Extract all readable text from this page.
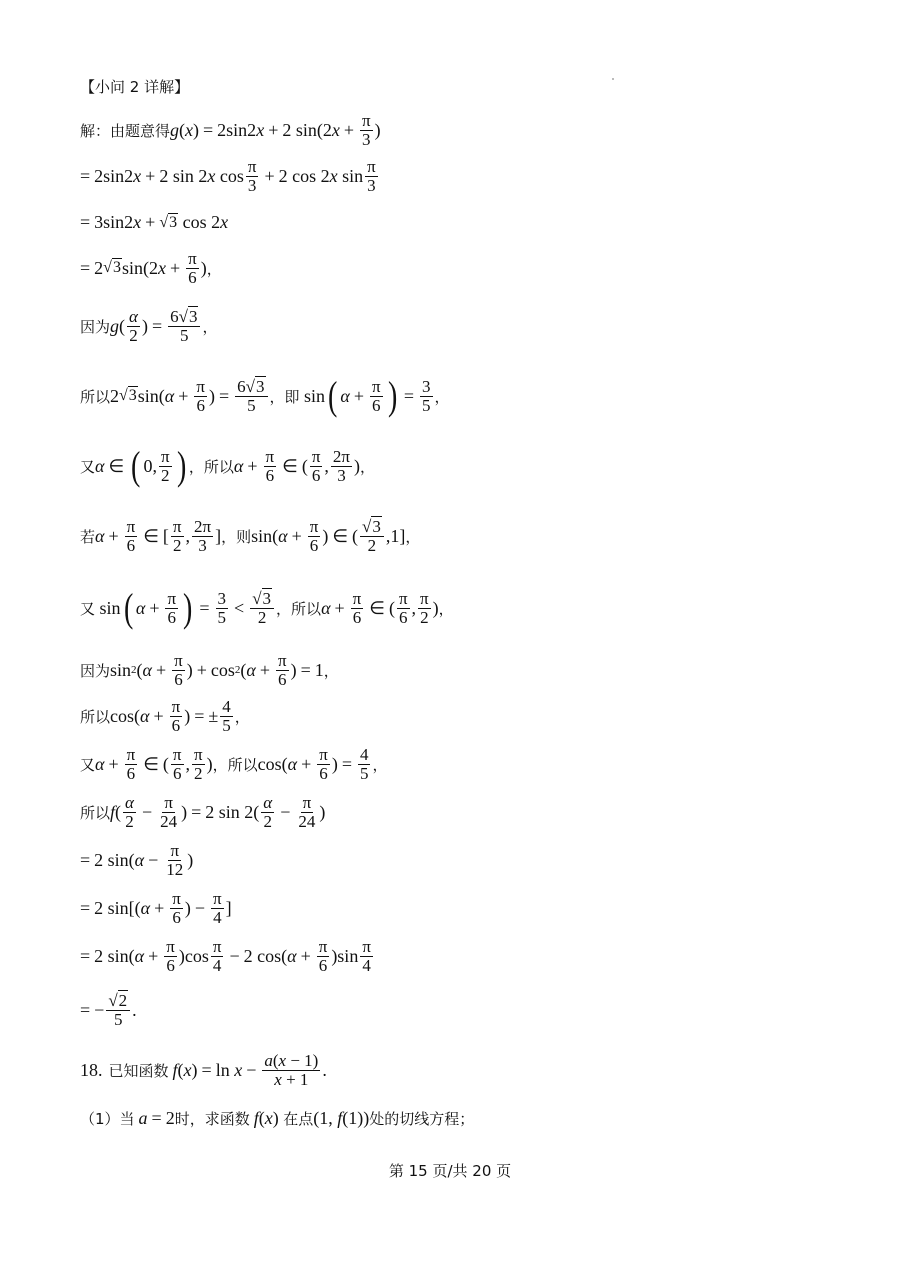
【小问 2 详解】
解：由题意得 g ( x ) = 2sin2 x + 2 sin(2 $x + \frac{\pi}{3}$ )
= 2sin2 x + 2 sin 2 x $\cos \frac{\pi}{3} + 2$ cos 2 x $\sin \frac{\pi}{3}$
= 3sin2 x + √3 cos 2 x
= 2 √3 sin(2 $x + \frac{\pi}{6}$ ) ，
因为 g ( $\frac{\alpha}{2}$ ) = $\frac{6√3}{5}$ ，
所以 2 √3 sin( $\alpha + \frac{\pi}{6}$ ) = $\frac{6√3}{5}$ ，即 sin ( $\alpha + \frac{\pi}{6}$ ) = $\frac{3}{5}$ ，
又 α ∈ ( 0, $\frac{\pi}{2}$ ) ，所以 $\alpha + \frac{\pi}{6}$ ∈ ( $\frac{\pi}{6}$ , $\frac{2\pi}{3}$ ) ，
若 $\alpha + \frac{\pi}{6}$ ∈ [ $\frac{\pi}{2}$ , $\frac{2\pi}{3}$ ] ，则 sin( $\alpha + \frac{\pi}{6}$ ) ∈ ( $\frac{√3}{2} ,1$] ，
又 sin ( $\alpha + \frac{\pi}{6}$ ) = $\frac{3}{5} < \frac{√3}{2}$ ，所以 $\alpha + \frac{\pi}{6}$ ∈ ( $\frac{\pi}{6}$ , $\frac{\pi}{2}$ ) ，
因为 sin 2 ( $\alpha + \frac{\pi}{6}$ ) + cos 2 ( $\alpha + \frac{\pi}{6}$ ) = 1 ，
所以 cos( $\alpha + \frac{\pi}{6}$ ) = ± $\frac{4}{5}$ ，
又 $\alpha + \frac{\pi}{6}$ ∈ ( $\frac{\pi}{6}$ , $\frac{\pi}{2}$ ) ，所以 cos( $\alpha + \frac{\pi}{6}$ ) = $\frac{4}{5}$ ，
所以 f ( $\frac{\alpha}{2} - \frac{\pi}{24}$ ) = 2 $\sin 2( \frac{\alpha}{2} - \frac{\pi}{24}$ )
= 2 sin( $\alpha - \frac{\pi}{12}$ )
= 2 sin[( $\alpha + \frac{\pi}{6}$ ) − $\frac{\pi}{4}$ ]
= 2 sin( $\alpha + \frac{\pi}{6} )\cos \frac{\pi}{4} - 2$ cos( $\alpha + \frac{\pi}{6} )\sin \frac{\pi}{4}$
= − $\frac{√2}{5}$ .
18. 已知函数 f ( x ) = $\ln x - \frac{a(x - 1)}{x + 1}$ .
（1）当 a = 2 时，求函数 f ( x ) 在点 (1, f (1)) 处的切线方程；
第 15 页/共 20 页
